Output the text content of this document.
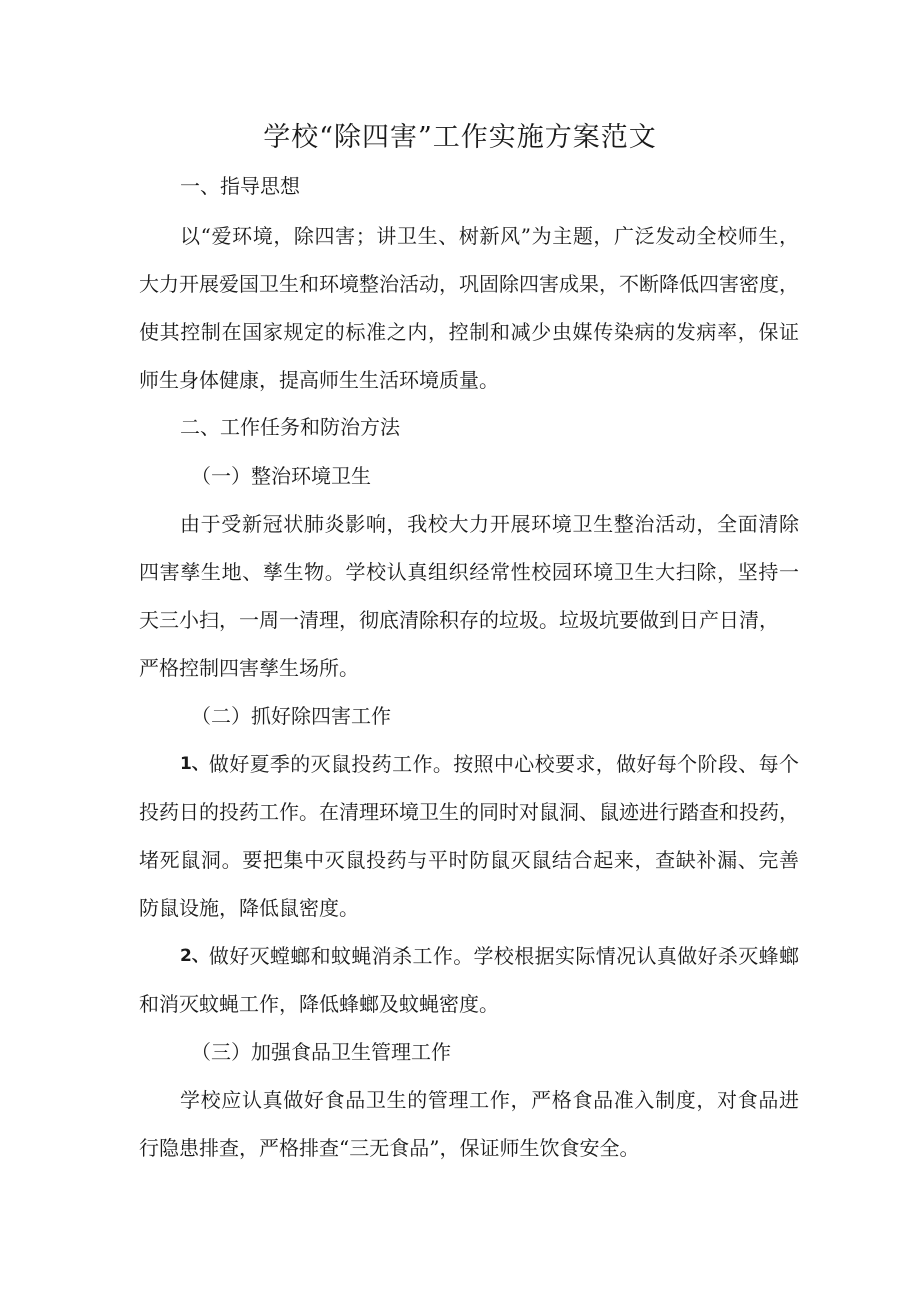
学校“除四害”工作实施方案范文
一、指导思想
以“爱环境，除四害；讲卫生、树新风”为主题，广泛发动全校师生，
大力开展爱国卫生和环境整治活动，巩固除四害成果，不断降低四害密度，
使其控制在国家规定的标准之内，控制和减少虫媒传染病的发病率，保证
师生身体健康，提高师生生活环境质量。
二、工作任务和防治方法
（一）整治环境卫生
由于受新冠状肺炎影响，我校大力开展环境卫生整治活动，全面清除
四害孳生地、孳生物。学校认真组织经常性校园环境卫生大扫除，坚持一
天三小扫，一周一清理，彻底清除积存的垃圾。垃圾坑要做到日产日清，
严格控制四害孳生场所。
（二）抓好除四害工作
1、 做好夏季的灭鼠投药工作。按照中心校要求，做好每个阶段、每个
投药日的投药工作。在清理环境卫生的同时对鼠洞、鼠迹进行踏查和投药，
堵死鼠洞。要把集中灭鼠投药与平时防鼠灭鼠结合起来，查缺补漏、完善
防鼠设施，降低鼠密度。
2、 做好灭螳螂和蚊蝇消杀工作。学校根据实际情况认真做好杀灭蜂螂
和消灭蚊蝇工作，降低蜂螂及蚊蝇密度。
（三）加强食品卫生管理工作
学校应认真做好食品卫生的管理工作，严格食品准入制度，对食品进
行隐患排查，严格排查“三无食品”，保证师生饮食安全。
